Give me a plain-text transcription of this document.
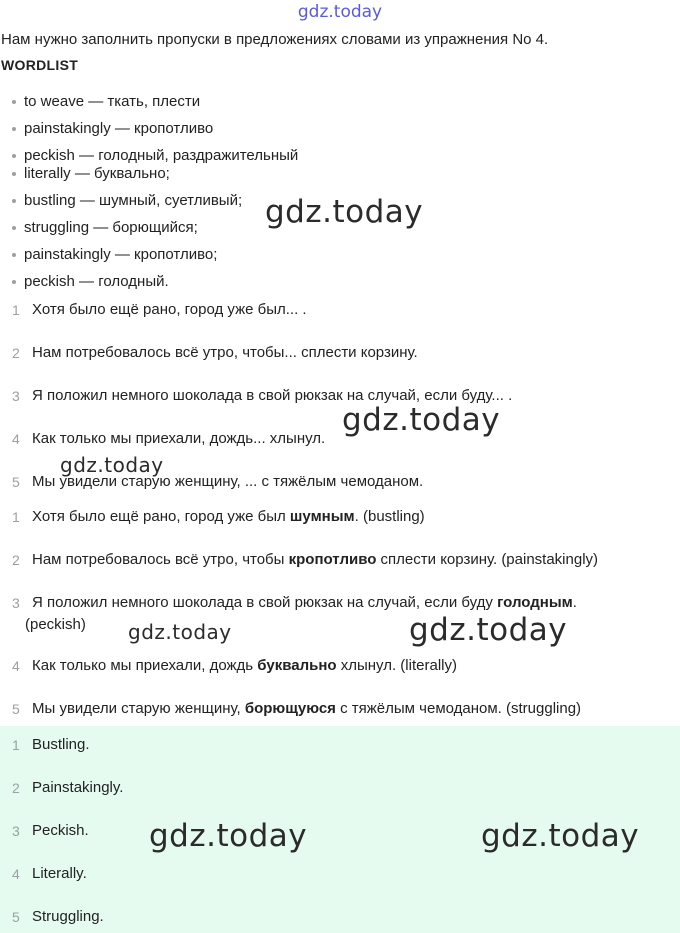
gdz.today
Нам нужно заполнить пропуски в предложениях словами из упражнения No 4.
WORDLIST
to weave — ткать, плести
painstakingly — кропотливо
peckish — голодный, раздражительный
literally — буквально;
bustling — шумный, суетливый;
struggling — борющийся;
painstakingly — кропотливо;
peckish — голодный.
1 Хотя было ещё рано, город уже был... .
2 Нам потребовалось всё утро, чтобы... сплести корзину.
3 Я положил немного шоколада в свой рюкзак на случай, если буду... .
4 Как только мы приехали, дождь... хлынул.
5 Мы увидели старую женщину, ... с тяжёлым чемоданом.
1 Хотя было ещё рано, город уже был шумным. (bustling)
2 Нам потребовалось всё утро, чтобы кропотливо сплести корзину. (painstakingly)
3 Я положил немного шоколада в свой рюкзак на случай, если буду голодным.
(peckish)
4 Как только мы приехали, дождь буквально хлынул. (literally)
5 Мы увидели старую женщину, борющуюся с тяжёлым чемоданом. (struggling)
1 Bustling.
2 Painstakingly.
3 Peckish.
4 Literally.
5 Struggling.
gdz.today
gdz.today
gdz.today
gdz.today	gdz.today
gdz.today	gdz.today
